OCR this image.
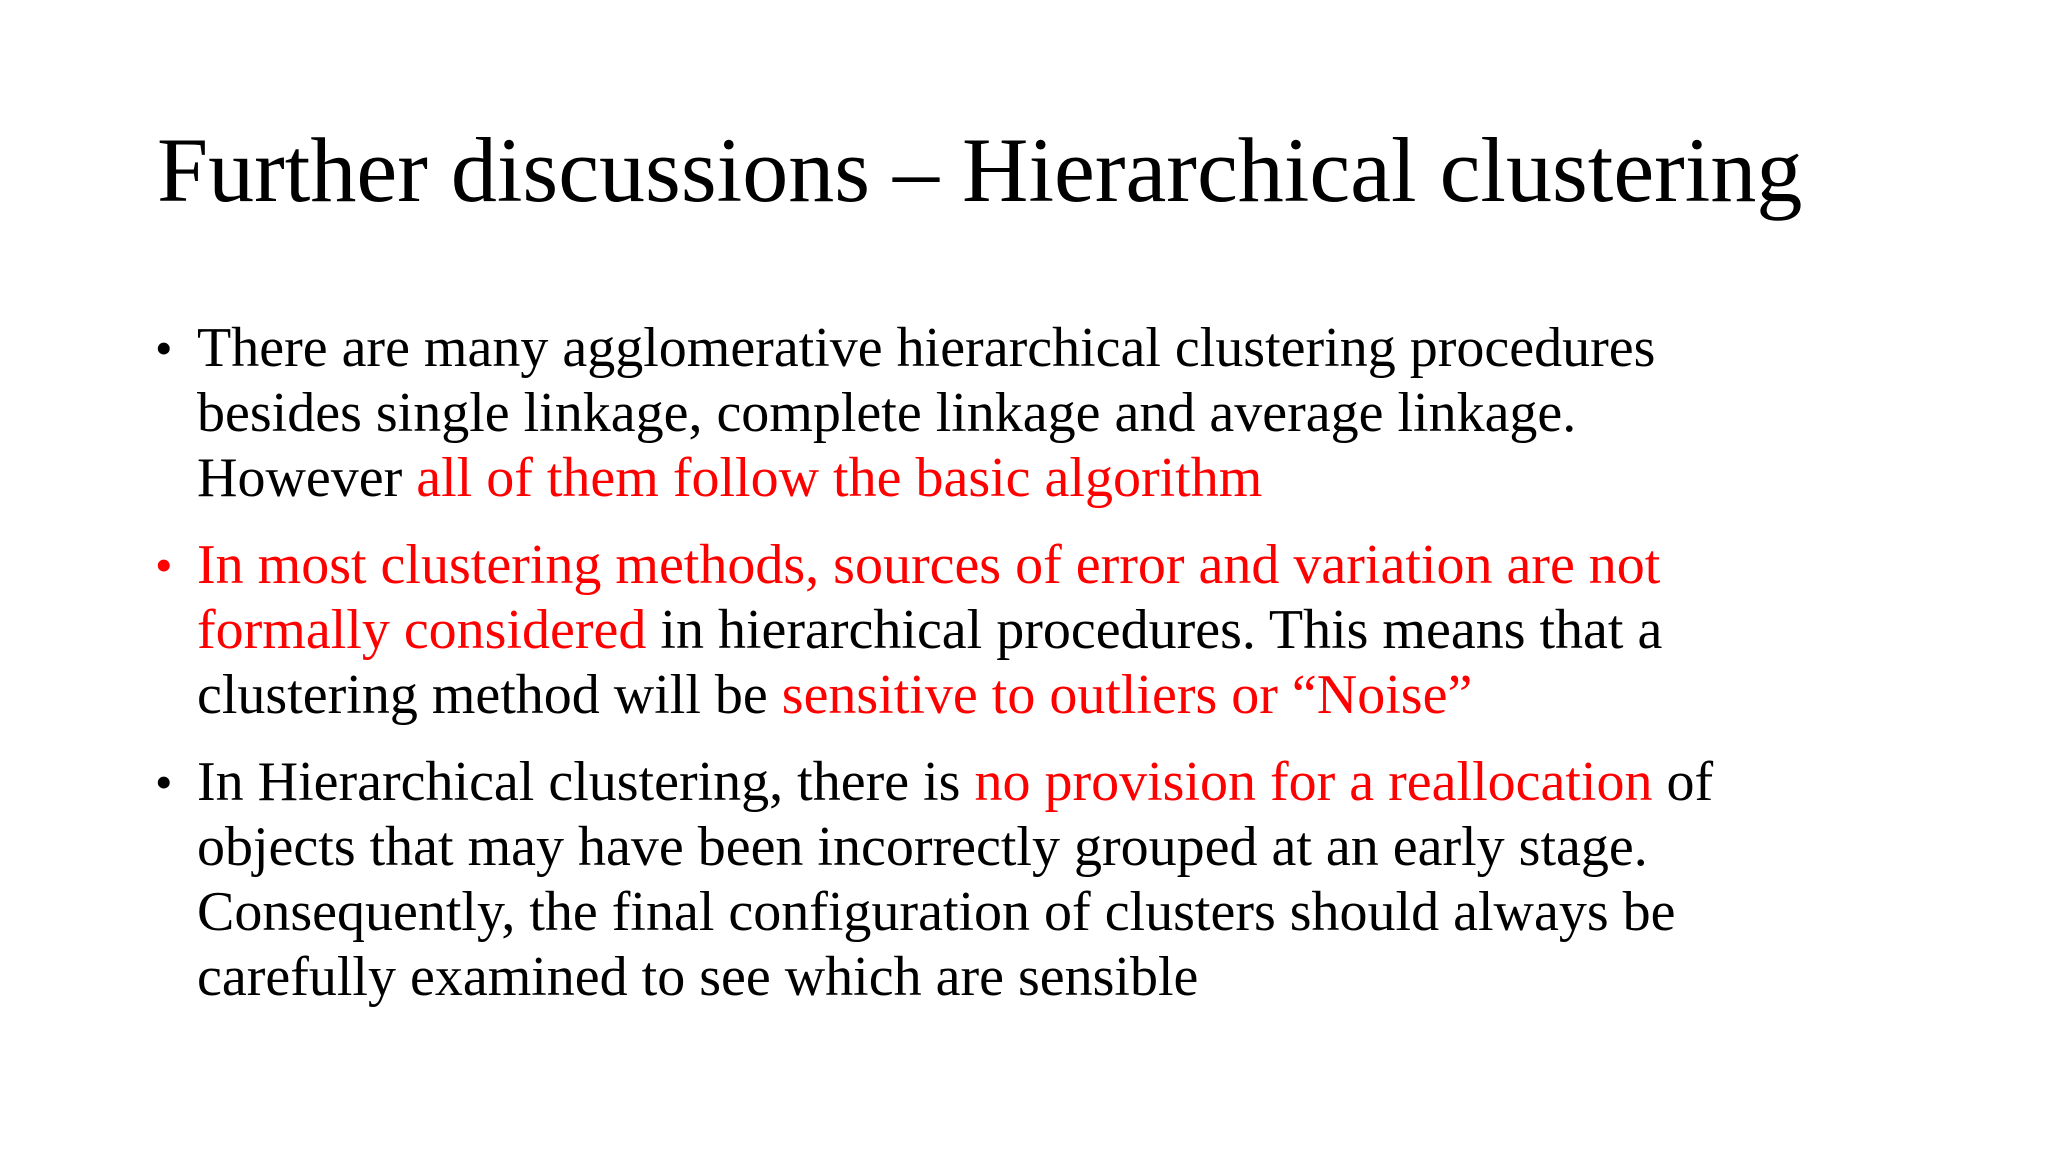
Further discussions – Hierarchical clustering
• There are many agglomerative hierarchical clustering procedures
besides single linkage, complete linkage and average linkage.
However all of them follow the basic algorithm
• In most clustering methods, sources of error and variation are not
formally considered in hierarchical procedures. This means that a
clustering method will be sensitive to outliers or “Noise”
• In Hierarchical clustering, there is no provision for a reallocation of
objects that may have been incorrectly grouped at an early stage.
Consequently, the final configuration of clusters should always be
carefully examined to see which are sensible
